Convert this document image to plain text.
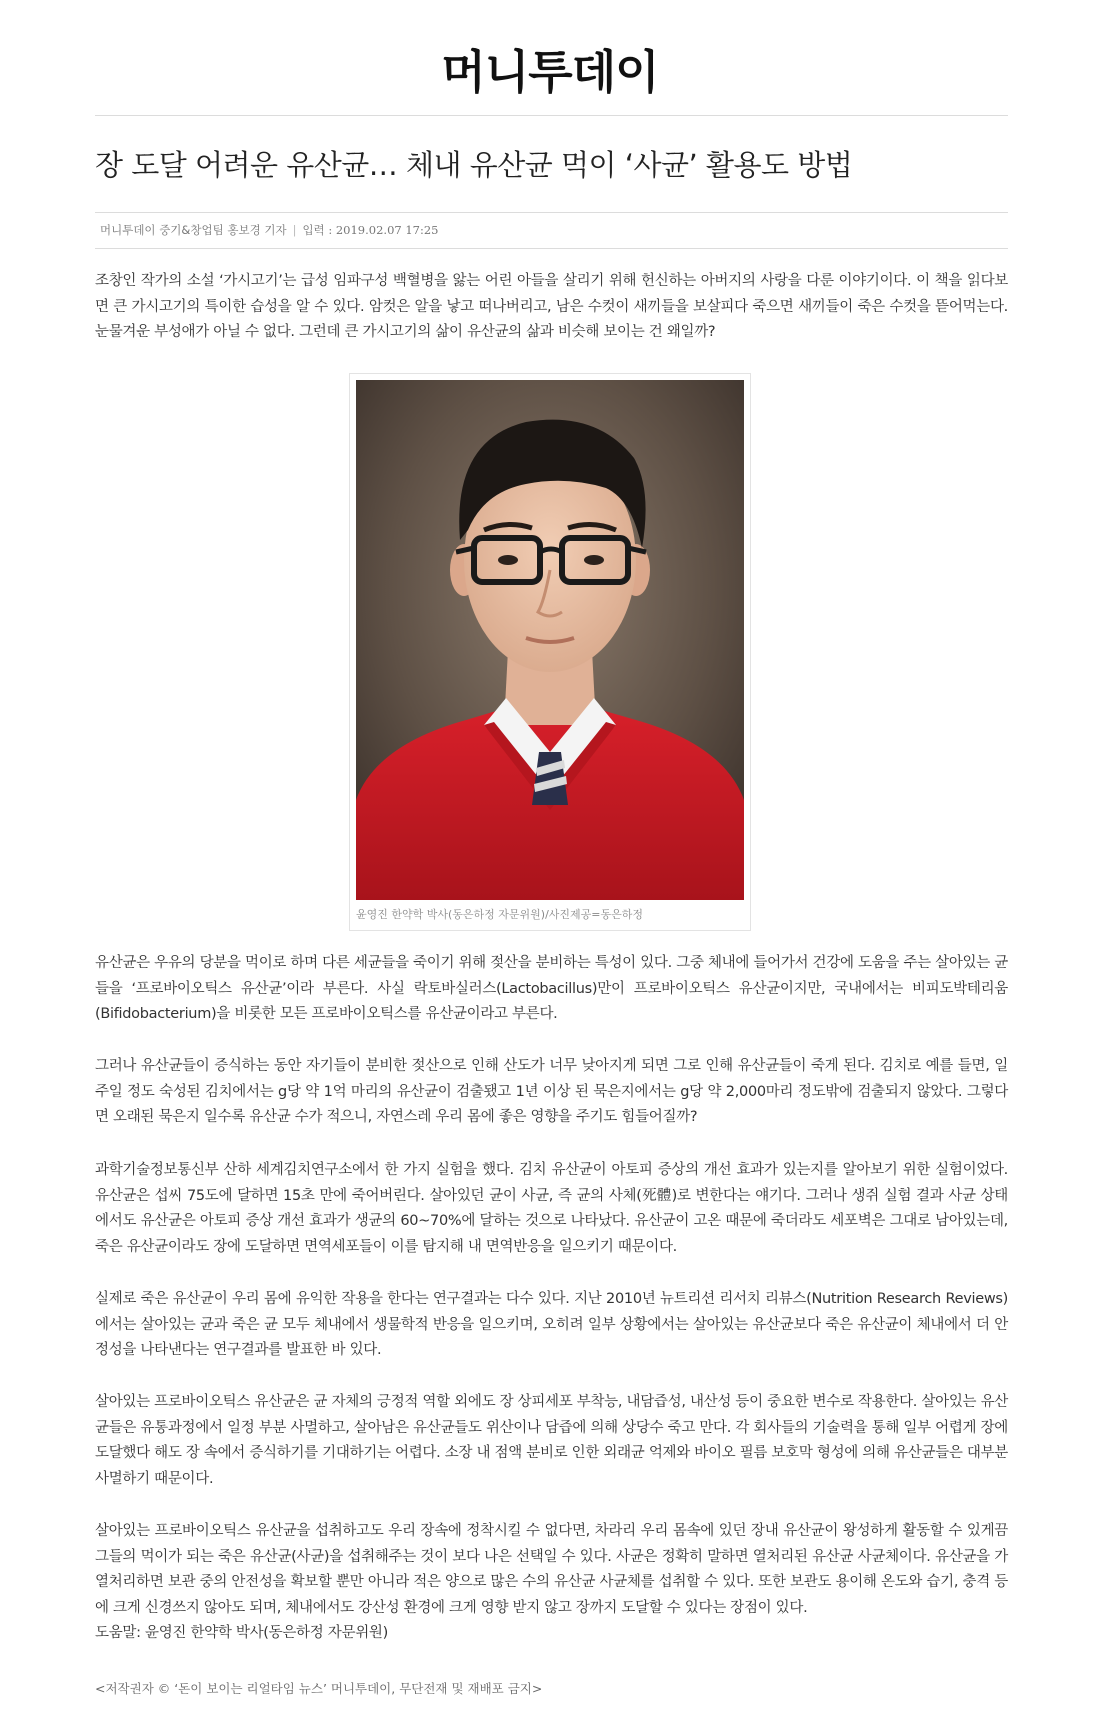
머니투데이
장 도달 어려운 유산균… 체내 유산균 먹이 ‘사균’ 활용도 방법
머니투데이 중기&창업팀 홍보경 기자 | 입력 : 2019.02.07 17:25

조창인 작가의 소설 ‘가시고기’는 급성 임파구성 백혈병을 앓는 어린 아들을 살리기 위해 헌신하는 아버지의 사랑을 다룬 이야기이다. 이 책을 읽다보면 큰 가시고기의 특이한 습성을 알 수 있다. 암컷은 알을 낳고 떠나버리고, 남은 수컷이 새끼들을 보살피다 죽으면 새끼들이 죽은 수컷을 뜯어먹는다. 눈물겨운 부성애가 아닐 수 없다. 그런데 큰 가시고기의 삶이 유산균의 삶과 비슷해 보이는 건 왜일까?

윤영진 한약학 박사(동은하정 자문위원)/사진제공=동은하정

유산균은 우유의 당분을 먹이로 하며 다른 세균들을 죽이기 위해 젖산을 분비하는 특성이 있다. 그중 체내에 들어가서 건강에 도움을 주는 살아있는 균들을 ‘프로바이오틱스 유산균’이라 부른다. 사실 락토바실러스(Lactobacillus)만이 프로바이오틱스 유산균이지만, 국내에서는 비피도박테리움(Bifidobacterium)을 비롯한 모든 프로바이오틱스를 유산균이라고 부른다.

그러나 유산균들이 증식하는 동안 자기들이 분비한 젖산으로 인해 산도가 너무 낮아지게 되면 그로 인해 유산균들이 죽게 된다. 김치로 예를 들면, 일주일 정도 숙성된 김치에서는 g당 약 1억 마리의 유산균이 검출됐고 1년 이상 된 묵은지에서는 g당 약 2,000마리 정도밖에 검출되지 않았다. 그렇다면 오래된 묵은지 일수록 유산균 수가 적으니, 자연스레 우리 몸에 좋은 영향을 주기도 힘들어질까?

과학기술정보통신부 산하 세계김치연구소에서 한 가지 실험을 했다. 김치 유산균이 아토피 증상의 개선 효과가 있는지를 알아보기 위한 실험이었다. 유산균은 섭씨 75도에 달하면 15초 만에 죽어버린다. 살아있던 균이 사균, 즉 균의 사체(死體)로 변한다는 얘기다. 그러나 생쥐 실험 결과 사균 상태에서도 유산균은 아토피 증상 개선 효과가 생균의 60~70%에 달하는 것으로 나타났다. 유산균이 고온 때문에 죽더라도 세포벽은 그대로 남아있는데, 죽은 유산균이라도 장에 도달하면 면역세포들이 이를 탐지해 내 면역반응을 일으키기 때문이다.

실제로 죽은 유산균이 우리 몸에 유익한 작용을 한다는 연구결과는 다수 있다. 지난 2010년 뉴트리션 리서치 리뷰스(Nutrition Research Reviews)에서는 살아있는 균과 죽은 균 모두 체내에서 생물학적 반응을 일으키며, 오히려 일부 상황에서는 살아있는 유산균보다 죽은 유산균이 체내에서 더 안정성을 나타낸다는 연구결과를 발표한 바 있다.

살아있는 프로바이오틱스 유산균은 균 자체의 긍정적 역할 외에도 장 상피세포 부착능, 내담즙성, 내산성 등이 중요한 변수로 작용한다. 살아있는 유산균들은 유통과정에서 일정 부분 사멸하고, 살아남은 유산균들도 위산이나 담즙에 의해 상당수 죽고 만다. 각 회사들의 기술력을 통해 일부 어렵게 장에 도달했다 해도 장 속에서 증식하기를 기대하기는 어렵다. 소장 내 점액 분비로 인한 외래균 억제와 바이오 필름 보호막 형성에 의해 유산균들은 대부분 사멸하기 때문이다.

살아있는 프로바이오틱스 유산균을 섭취하고도 우리 장속에 정착시킬 수 없다면, 차라리 우리 몸속에 있던 장내 유산균이 왕성하게 활동할 수 있게끔 그들의 먹이가 되는 죽은 유산균(사균)을 섭취해주는 것이 보다 나은 선택일 수 있다. 사균은 정확히 말하면 열처리된 유산균 사균체이다. 유산균을 가열처리하면 보관 중의 안전성을 확보할 뿐만 아니라 적은 양으로 많은 수의 유산균 사균체를 섭취할 수 있다. 또한 보관도 용이해 온도와 습기, 충격 등에 크게 신경쓰지 않아도 되며, 체내에서도 강산성 환경에 크게 영향 받지 않고 장까지 도달할 수 있다는 장점이 있다.

도움말: 윤영진 한약학 박사(동은하정 자문위원)

<저작권자 © ‘돈이 보이는 리얼타임 뉴스’ 머니투데이, 무단전재 및 재배포 금지>
